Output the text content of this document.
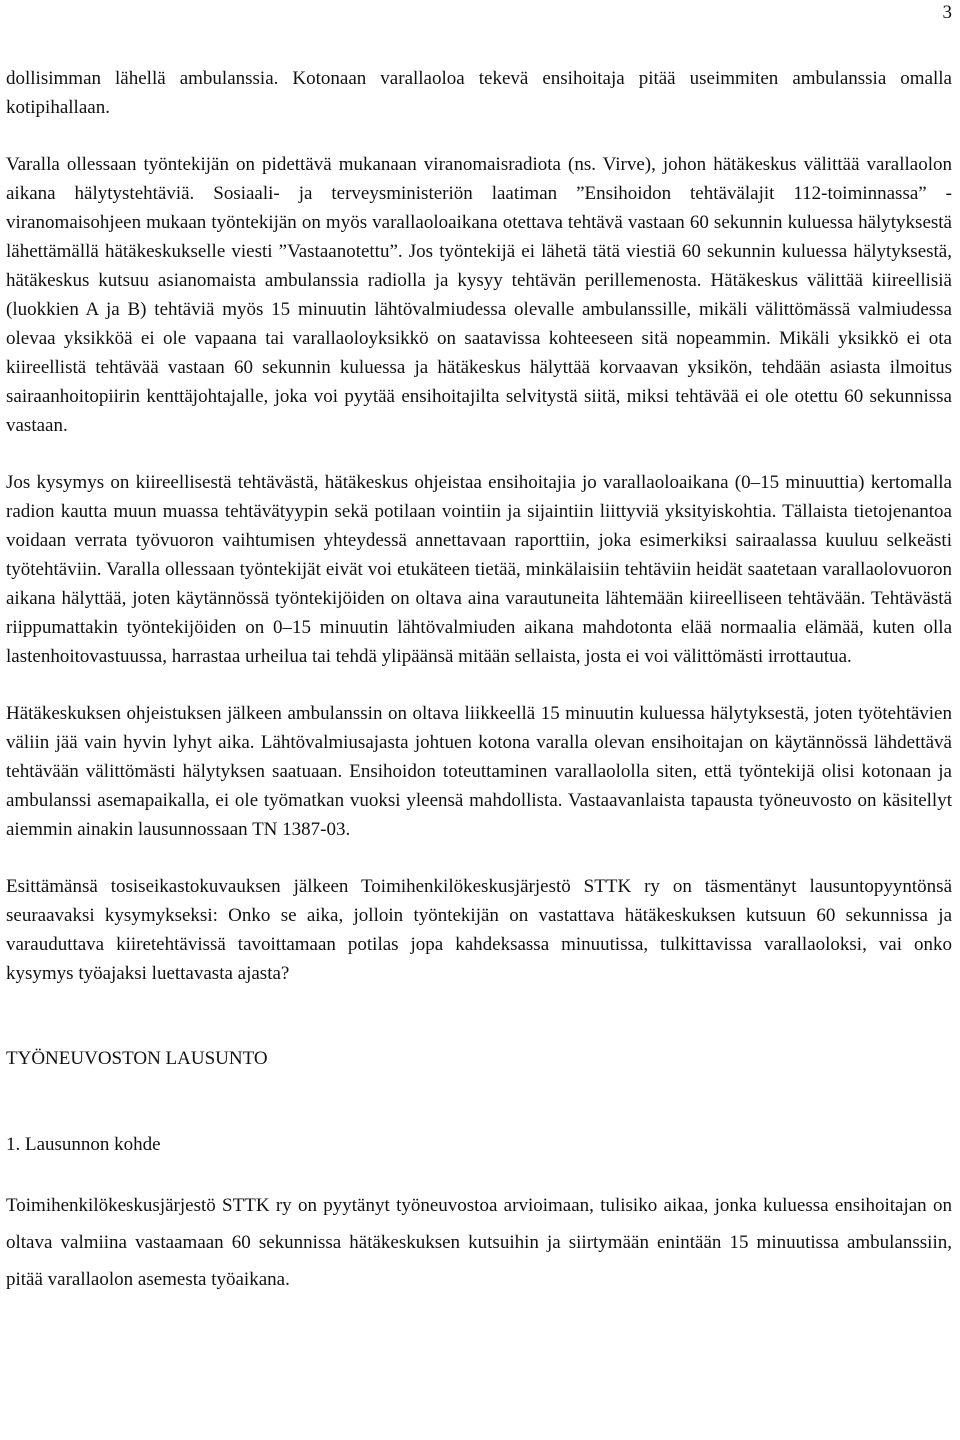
3

dollisimman lähellä ambulanssia. Kotonaan varallaoloa tekevä ensihoitaja pitää useimmiten ambulanssia omalla kotipihallaan.

Varalla ollessaan työntekijän on pidettävä mukanaan viranomaisradiota (ns. Virve), johon hätäkeskus välittää varallaolon aikana hälytystehtäviä. Sosiaali- ja terveysministeriön laatiman ”Ensihoidon tehtävälajit 112-toiminnassa” -viranomaisohjeen mukaan työntekijän on myös varallaoloaikana otettava tehtävä vastaan 60 sekunnin kuluessa hälytyksestä lähettämällä hätäkeskukselle viesti ”Vastaanotettu”. Jos työntekijä ei lähetä tätä viestiä 60 sekunnin kuluessa hälytyksestä, hätäkeskus kutsuu asianomaista ambulanssia radiolla ja kysyy tehtävän perillemenosta. Hätäkeskus välittää kiireellisiä (luokkien A ja B) tehtäviä myös 15 minuutin lähtövalmiudessa olevalle ambulanssille, mikäli välittömässä valmiudessa olevaa yksikköä ei ole vapaana tai varallaoloyksikkö on saatavissa kohteeseen sitä nopeammin. Mikäli yksikkö ei ota kiireellistä tehtävää vastaan 60 sekunnin kuluessa ja hätäkeskus hälyttää korvaavan yksikön, tehdään asiasta ilmoitus sairaanhoitopiirin kenttäjohtajalle, joka voi pyytää ensihoitajilta selvitystä siitä, miksi tehtävää ei ole otettu 60 sekunnissa vastaan.

Jos kysymys on kiireellisestä tehtävästä, hätäkeskus ohjeistaa ensihoitajia jo varallaoloaikana (0–15 minuuttia) kertomalla radion kautta muun muassa tehtävätyypin sekä potilaan vointiin ja sijaintiin liittyviä yksityiskohtia. Tällaista tietojenantoa voidaan verrata työvuoron vaihtumisen yhteydessä annettavaan raporttiin, joka esimerkiksi sairaalassa kuuluu selkeästi työtehtäviin. Varalla ollessaan työntekijät eivät voi etukäteen tietää, minkälaisiin tehtäviin heidät saatetaan varallaolovuoron aikana hälyttää, joten käytännössä työntekijöiden on oltava aina varautuneita lähtemään kiireelliseen tehtävään. Tehtävästä riippumattakin työntekijöiden on 0–15 minuutin lähtövalmiuden aikana mahdotonta elää normaalia elämää, kuten olla lastenhoitovastuussa, harrastaa urheilua tai tehdä ylipäänsä mitään sellaista, josta ei voi välittömästi irrottautua.

Hätäkeskuksen ohjeistuksen jälkeen ambulanssin on oltava liikkeellä 15 minuutin kuluessa hälytyksestä, joten työtehtävien väliin jää vain hyvin lyhyt aika. Lähtövalmiusajasta johtuen kotona varalla olevan ensihoitajan on käytännössä lähdettävä tehtävään välittömästi hälytyksen saatuaan. Ensihoidon toteuttaminen varallaololla siten, että työntekijä olisi kotonaan ja ambulanssi asemapaikalla, ei ole työmatkan vuoksi yleensä mahdollista. Vastaavanlaista tapausta työneuvosto on käsitellyt aiemmin ainakin lausunnossaan TN 1387-03.

Esittämänsä tosiseikastokuvauksen jälkeen Toimihenkilökeskusjärjestö STTK ry on täsmentänyt lausuntopyyntönsä seuraavaksi kysymykseksi: Onko se aika, jolloin työntekijän on vastattava hätäkeskuksen kutsuun 60 sekunnissa ja varauduttava kiiretehtävissä tavoittamaan potilas jopa kahdeksassa minuutissa, tulkittavissa varallaoloksi, vai onko kysymys työajaksi luettavasta ajasta?

TYÖNEUVOSTON LAUSUNTO

1. Lausunnon kohde

Toimihenkilökeskusjärjestö STTK ry on pyytänyt työneuvostoa arvioimaan, tulisiko aikaa, jonka kuluessa ensihoitajan on oltava valmiina vastaamaan 60 sekunnissa hätäkeskuksen kutsuihin ja siirtymään enintään 15 minuutissa ambulanssiin, pitää varallaolon asemesta työaikana.
